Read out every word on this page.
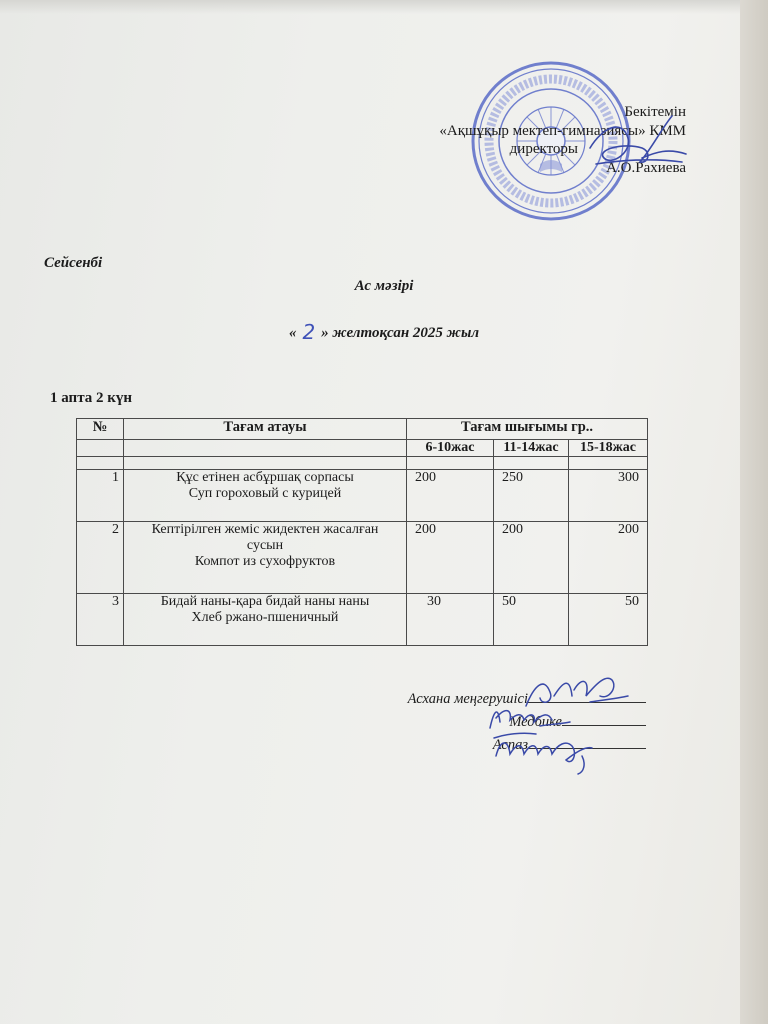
Бекітемін
«Ақшұқыр мектеп-гимназиясы» КММ
директоры
А.О.Рахиева
Сейсенбі
Ас мәзірі
« 2 » желтоқсан 2025 жыл
1 апта 2 күн
№	Тағам атауы	Тағам шығымы гр..		
		6-10жас	11-14жас	15-18жас

1	Құс етінен асбұршақ сорпасы
Суп гороховый с курицей	200	250	300
2	Кептірілген жеміс жидектен жасалған
сусын
Компот из сухофруктов	200	200	200
3	Бидай наны-қара бидай наны наны
Хлеб ржано-пшеничный	30	50	50
Асхана меңгерушісі
Медбике
Аспаз
